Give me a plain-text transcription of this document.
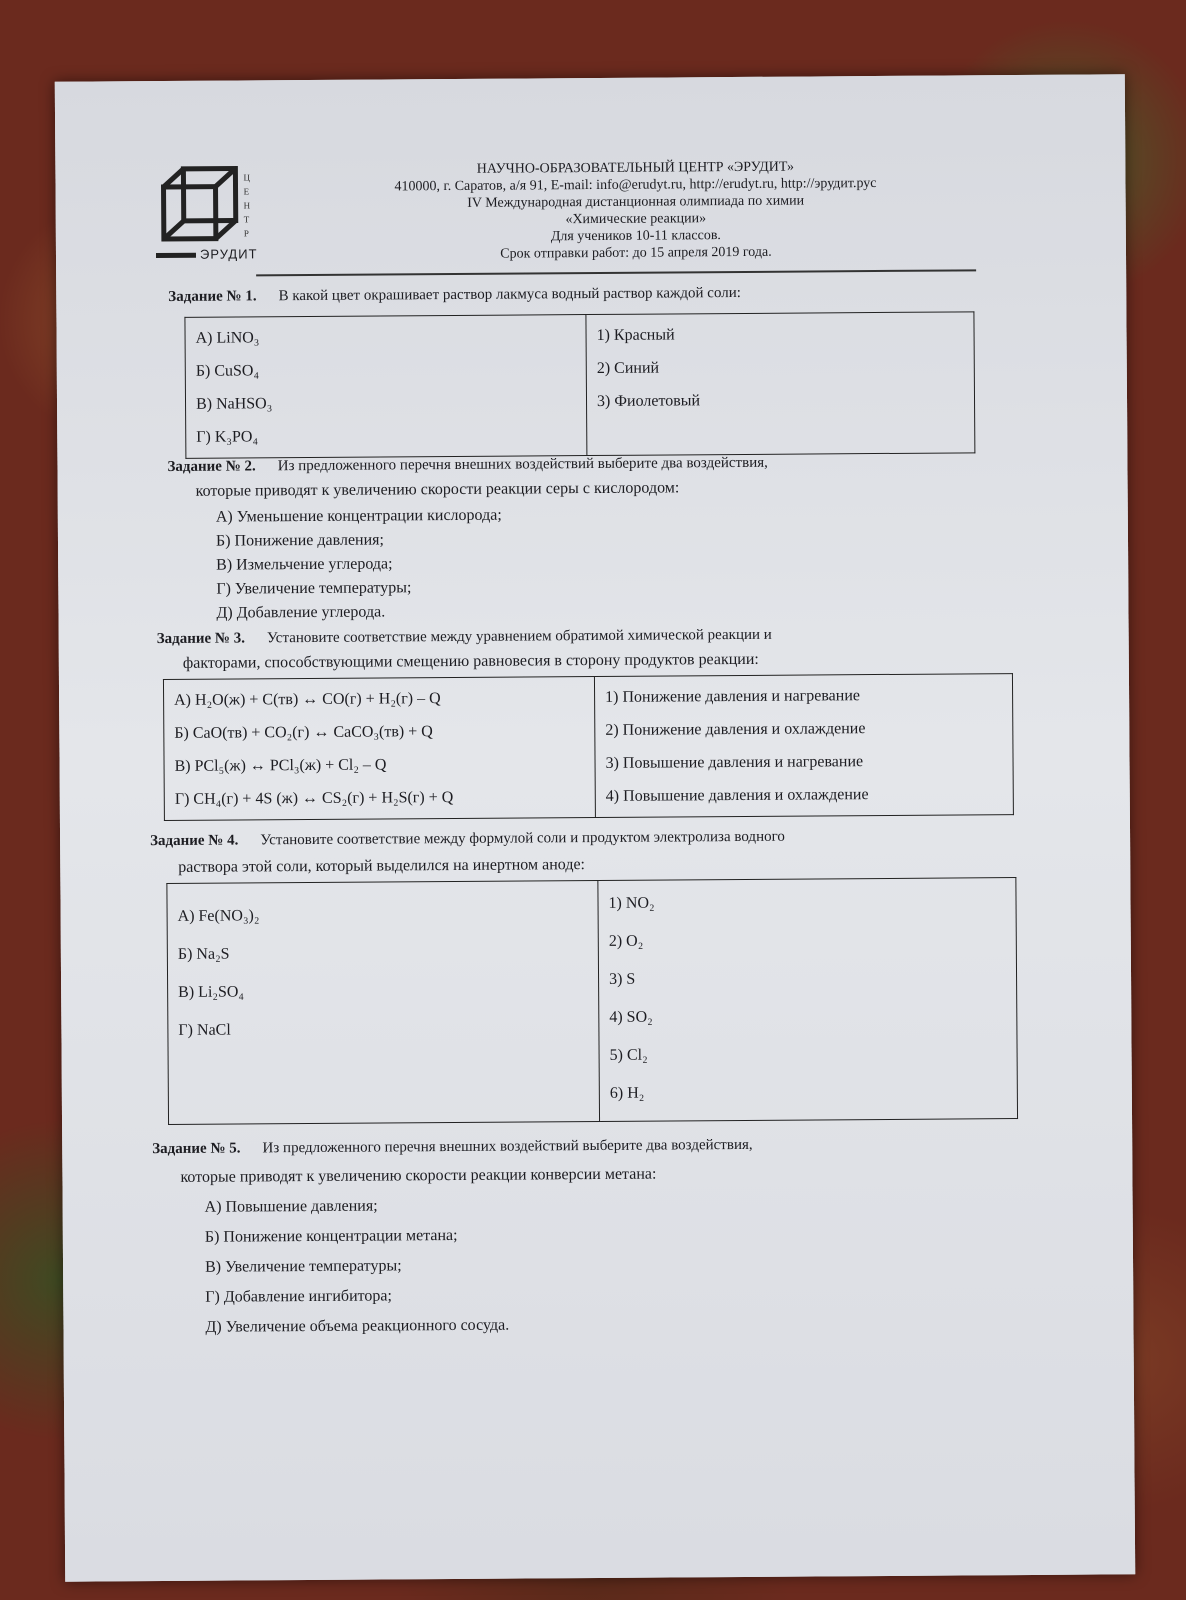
Ц
Е
Н
Т
Р
ЭРУДИТ
НАУЧНО-ОБРАЗОВАТЕЛЬНЫЙ ЦЕНТР «ЭРУДИТ»
410000, г. Саратов, а/я 91, E-mail: info@erudyt.ru, http://erudyt.ru, http://эрудит.рус
IV Международная дистанционная олимпиада по химии
«Химические реакции»
Для учеников 10-11 классов.
Срок отправки работ: до 15 апреля 2019 года.
Задание № 1. В какой цвет окрашивает раствор лакмуса водный раствор каждой соли:
А) LiNO₃
Б) CuSO₄
В) NaHSO₃
Г) K₃PO₄

1) Красный
2) Синий
3) Фиолетовый
Задание № 2. Из предложенного перечня внешних воздействий выберите два воздействия,
которые приводят к увеличению скорости реакции серы с кислородом:
А) Уменьшение концентрации кислорода;
Б) Понижение давления;
В) Измельчение углерода;
Г) Увеличение температуры;
Д) Добавление углерода.
Задание № 3. Установите соответствие между уравнением обратимой химической реакции и
факторами, способствующими смещению равновесия в сторону продуктов реакции:
А) H₂O(ж) + C(тв) ↔ CO(г) + H₂(г) – Q
Б) CaO(тв) + CO₂(г) ↔ CaCO₃(тв) + Q
В) PCl₅(ж) ↔ PCl₃(ж) + Cl₂ – Q
Г) CH₄(г) + 4S (ж) ↔ CS₂(г) + H₂S(г) + Q

1) Понижение давления и нагревание
2) Понижение давления и охлаждение
3) Повышение давления и нагревание
4) Повышение давления и охлаждение
Задание № 4. Установите соответствие между формулой соли и продуктом электролиза водного
раствора этой соли, который выделился на инертном аноде:
А) Fe(NO₃)₂
Б) Na₂S
В) Li₂SO₄
Г) NaCl

1) NO₂
2) O₂
3) S
4) SO₂
5) Cl₂
6) H₂
Задание № 5. Из предложенного перечня внешних воздействий выберите два воздействия,
которые приводят к увеличению скорости реакции конверсии метана:
А) Повышение давления;
Б) Понижение концентрации метана;
В) Увеличение температуры;
Г) Добавление ингибитора;
Д) Увеличение объема реакционного сосуда.
